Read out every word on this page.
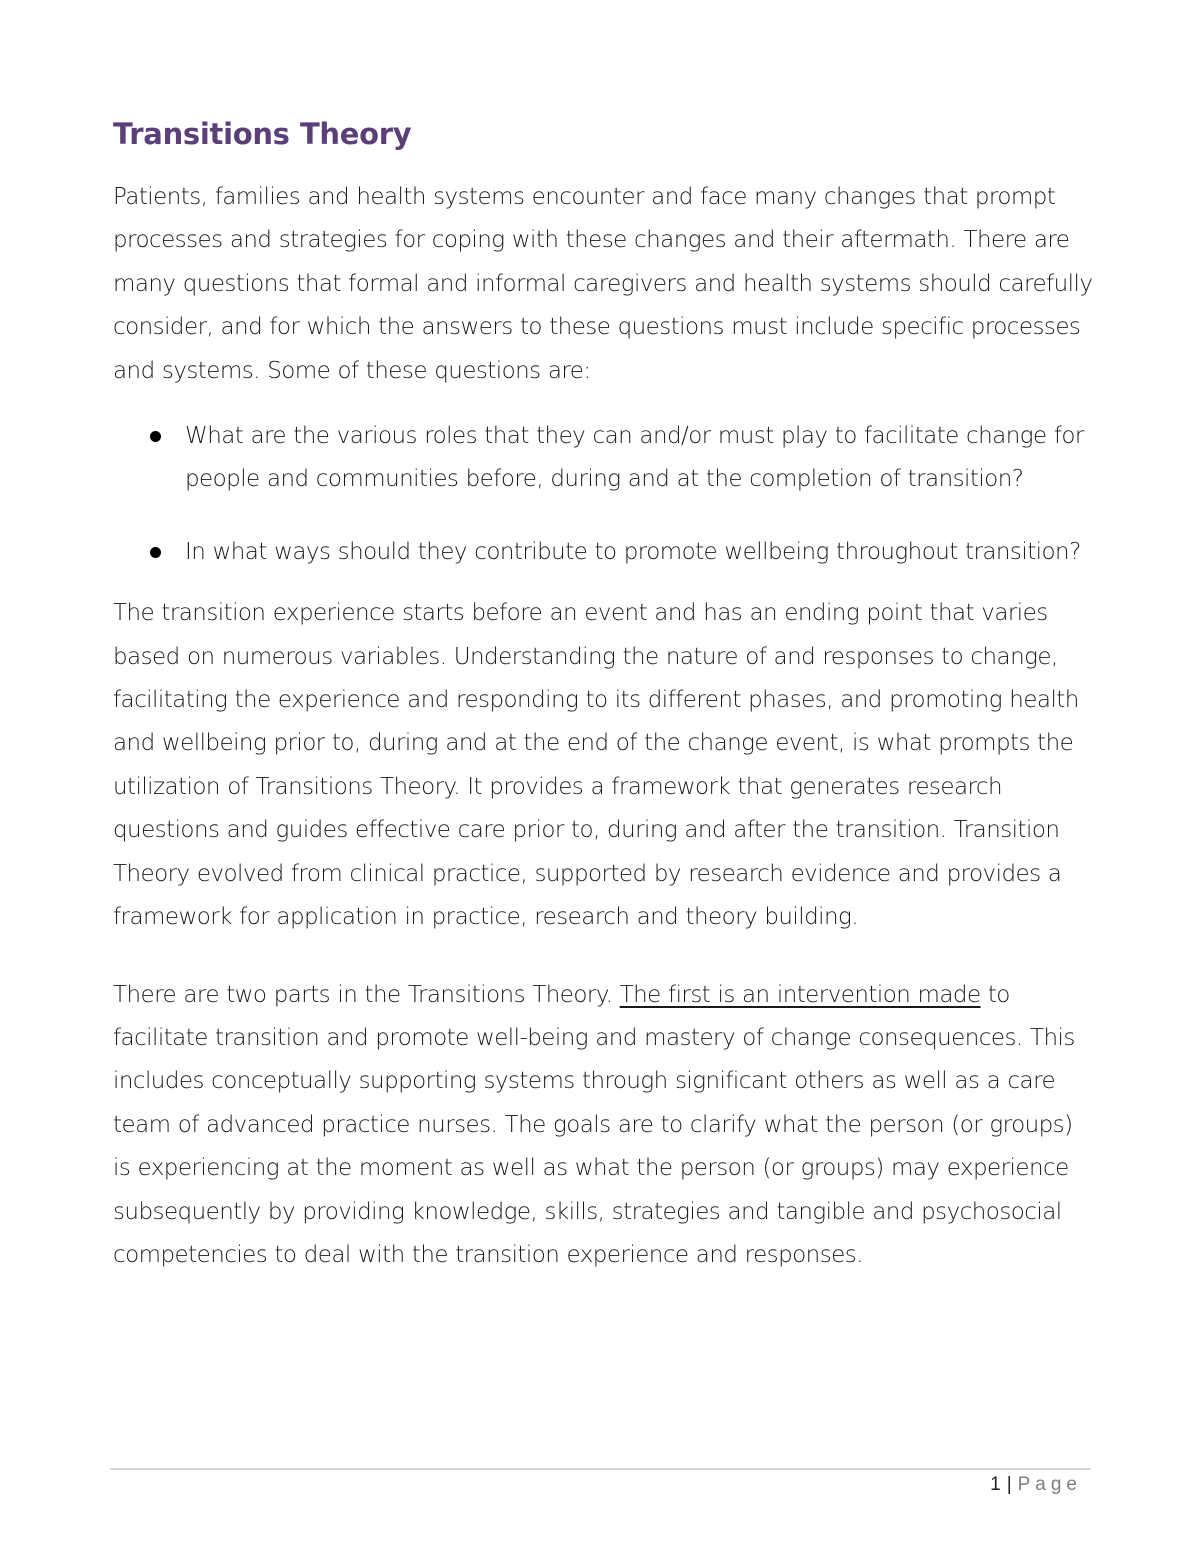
Transitions Theory

Patients, families and health systems encounter and face many changes that prompt processes and strategies for coping with these changes and their aftermath. There are many questions that formal and informal caregivers and health systems should carefully consider, and for which the answers to these questions must include specific processes and systems. Some of these questions are:

What are the various roles that they can and/or must play to facilitate change for people and communities before, during and at the completion of transition?
In what ways should they contribute to promote wellbeing throughout transition?

The transition experience starts before an event and has an ending point that varies based on numerous variables. Understanding the nature of and responses to change, facilitating the experience and responding to its different phases, and promoting health and wellbeing prior to, during and at the end of the change event, is what prompts the utilization of Transitions Theory. It provides a framework that generates research questions and guides effective care prior to, during and after the transition. Transition Theory evolved from clinical practice, supported by research evidence and provides a framework for application in practice, research and theory building.

There are two parts in the Transitions Theory. The first is an intervention made to facilitate transition and promote well-being and mastery of change consequences. This includes conceptually supporting systems through significant others as well as a care team of advanced practice nurses. The goals are to clarify what the person (or groups) is experiencing at the moment as well as what the person (or groups) may experience subsequently by providing knowledge, skills, strategies and tangible and psychosocial competencies to deal with the transition experience and responses.

1 | Page
